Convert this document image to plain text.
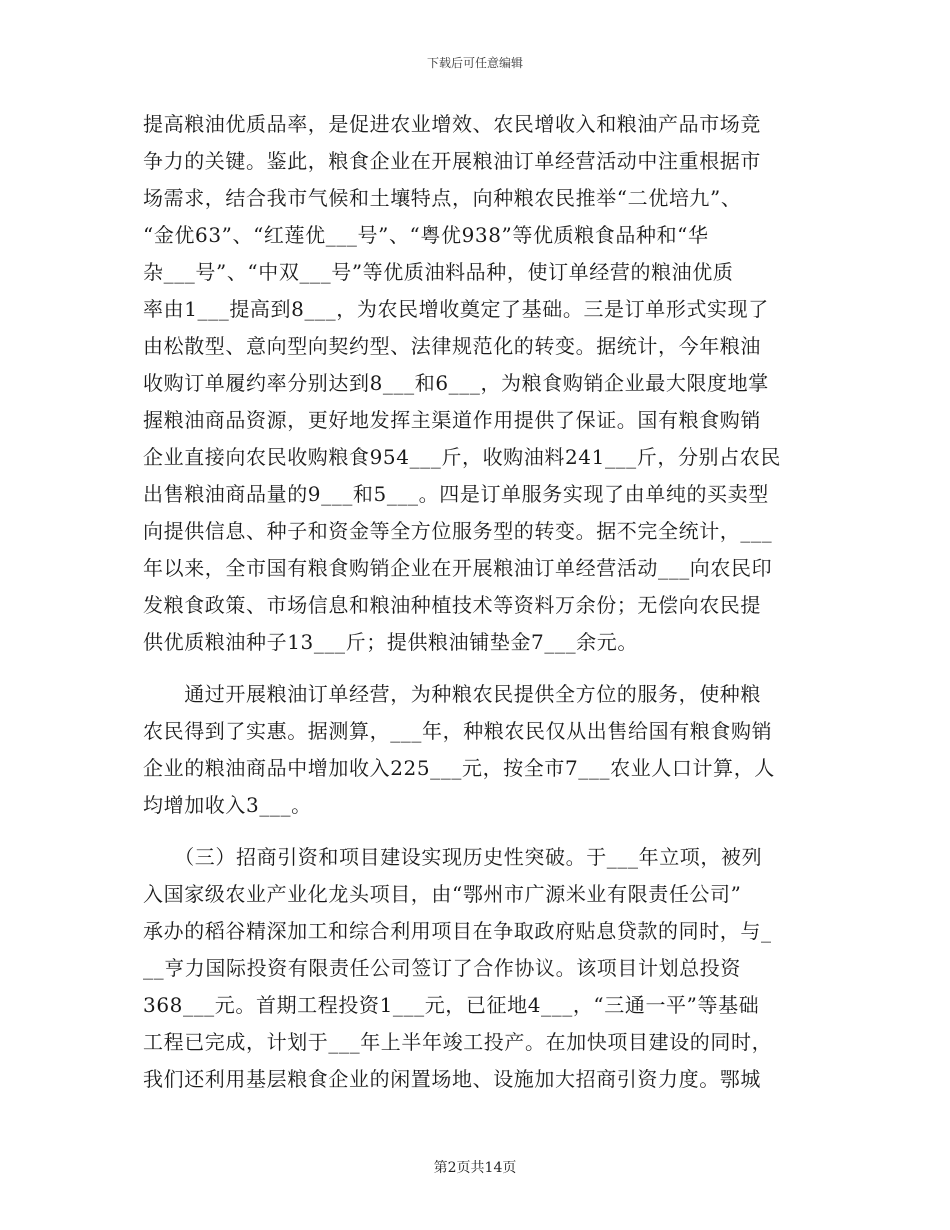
下载后可任意编辑
提高粮油优质品率，是促进农业增效、农民增收入和粮油产品市场竞
争力的关键。鉴此，粮食企业在开展粮油订单经营活动中注重根据市
场需求，结合我市气候和土壤特点，向种粮农民推举“二优培九”、
“金优63”、“红莲优___号”、“粤优938”等优质粮食品种和“华
杂___号”、“中双___号”等优质油料品种，使订单经营的粮油优质
率由1___提高到8___，为农民增收奠定了基础。三是订单形式实现了
由松散型、意向型向契约型、法律规范化的转变。据统计，今年粮油
收购订单履约率分别达到8___和6___，为粮食购销企业最大限度地掌
握粮油商品资源，更好地发挥主渠道作用提供了保证。国有粮食购销
企业直接向农民收购粮食954___斤，收购油料241___斤，分别占农民
出售粮油商品量的9___和5___。四是订单服务实现了由单纯的买卖型
向提供信息、种子和资金等全方位服务型的转变。据不完全统计，___
年以来，全市国有粮食购销企业在开展粮油订单经营活动___向农民印
发粮食政策、市场信息和粮油种植技术等资料万余份；无偿向农民提
供优质粮油种子13___斤；提供粮油铺垫金7___余元。
　　通过开展粮油订单经营，为种粮农民提供全方位的服务，使种粮
农民得到了实惠。据测算，___年，种粮农民仅从出售给国有粮食购销
企业的粮油商品中增加收入225___元，按全市7___农业人口计算，人
均增加收入3___。
　　（三）招商引资和项目建设实现历史性突破。于___年立项，被列
入国家级农业产业化龙头项目，由“鄂州市广源米业有限责任公司”
承办的稻谷精深加工和综合利用项目在争取政府贴息贷款的同时，与_
__亨力国际投资有限责任公司签订了合作协议。该项目计划总投资
368___元。首期工程投资1___元，已征地4___，“三通一平”等基础
工程已完成，计划于___年上半年竣工投产。在加快项目建设的同时，
我们还利用基层粮食企业的闲置场地、设施加大招商引资力度。鄂城
第2页共14页
